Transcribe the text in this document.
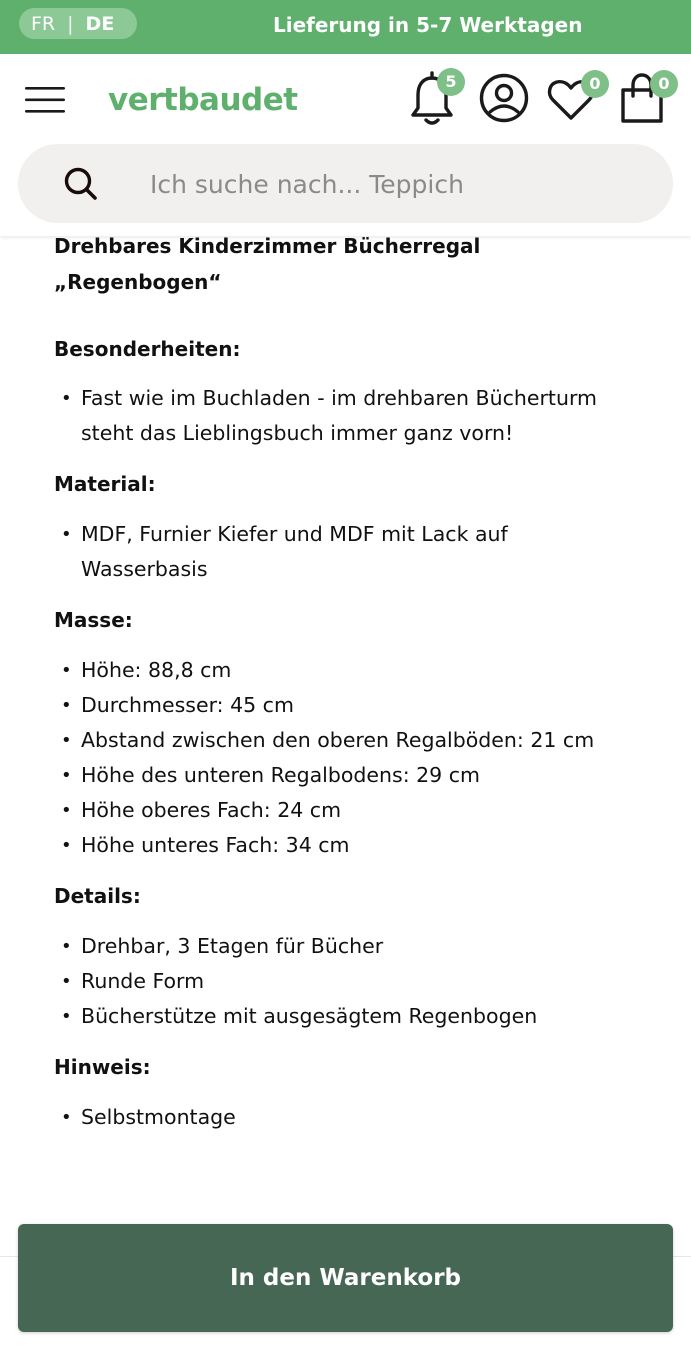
FR | DE	Lieferung in 5-7 Werktagen
vertbaudet
5	0	0
Ich suche nach... Teppich
Drehbares Kinderzimmer Bücherregal
„Regenbogen“
Besonderheiten:
• Fast wie im Buchladen - im drehbaren Bücherturm
steht das Lieblingsbuch immer ganz vorn!
Material:
• MDF, Furnier Kiefer und MDF mit Lack auf
Wasserbasis
Masse:
• Höhe: 88,8 cm
• Durchmesser: 45 cm
• Abstand zwischen den oberen Regalböden: 21 cm
• Höhe des unteren Regalbodens: 29 cm
• Höhe oberes Fach: 24 cm
• Höhe unteres Fach: 34 cm
Details:
• Drehbar, 3 Etagen für Bücher
• Runde Form
• Bücherstütze mit ausgesägtem Regenbogen
Hinweis:
• Selbstmontage
In den Warenkorb
